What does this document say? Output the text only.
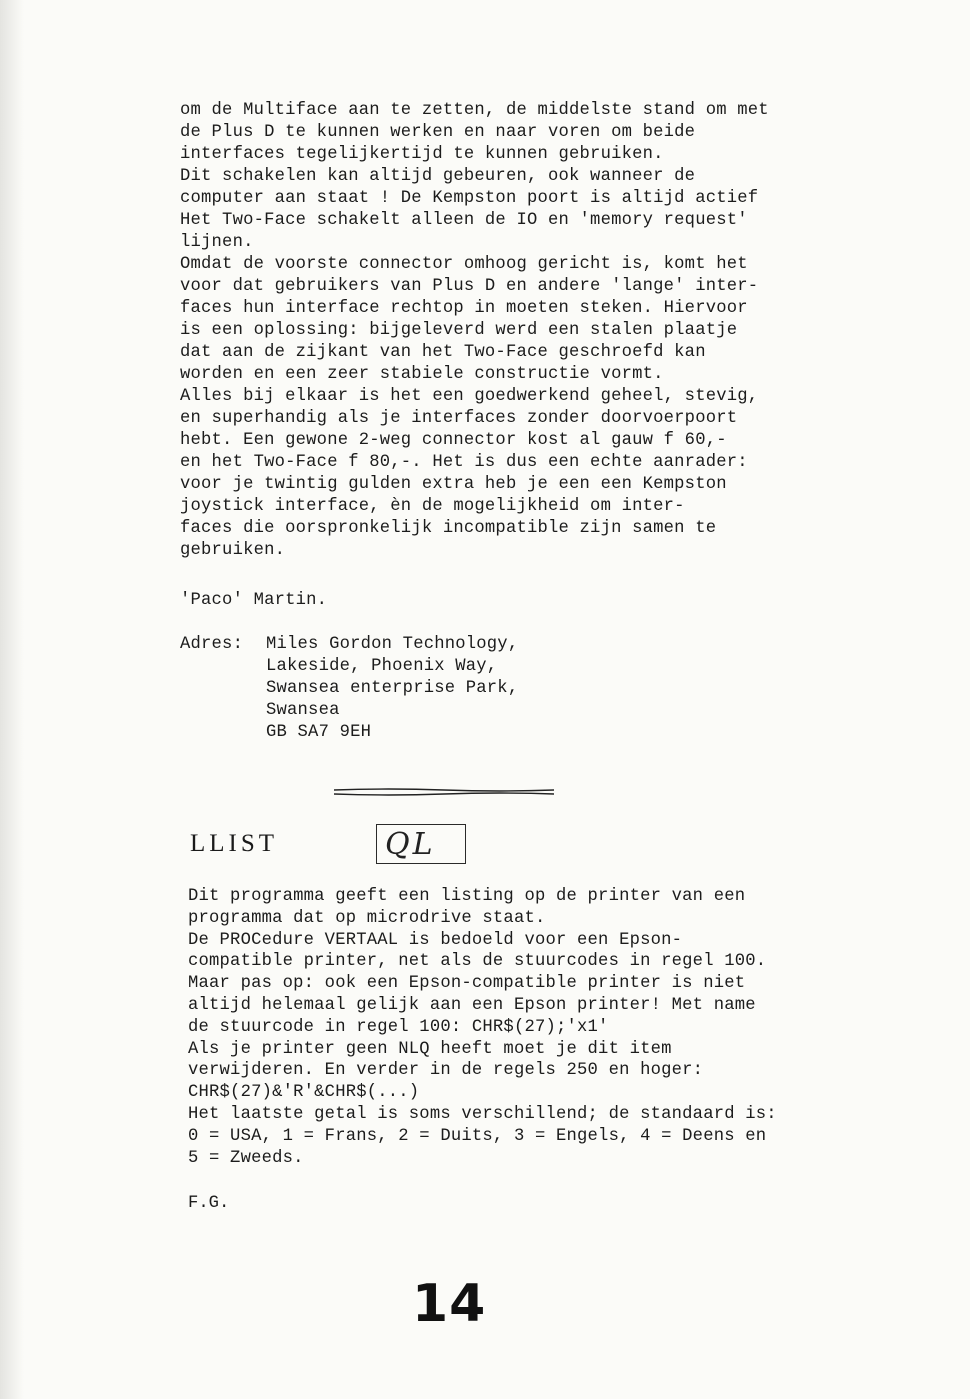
om de Multiface aan te zetten, de middelste stand om met
de Plus D te kunnen werken en naar voren om beide
interfaces tegelijkertijd te kunnen gebruiken.
Dit schakelen kan altijd gebeuren, ook wanneer de
computer aan staat ! De Kempston poort is altijd actief
Het Two-Face schakelt alleen de IO en 'memory request'
lijnen.
Omdat de voorste connector omhoog gericht is, komt het
voor dat gebruikers van Plus D en andere 'lange' inter-
faces hun interface rechtop in moeten steken. Hiervoor
is een oplossing: bijgeleverd werd een stalen plaatje
dat aan de zijkant van het Two-Face geschroefd kan
worden en een zeer stabiele constructie vormt.
Alles bij elkaar is het een goedwerkend geheel, stevig,
en superhandig als je interfaces zonder doorvoerpoort
hebt. Een gewone 2-weg connector kost al gauw f 60,-
en het Two-Face f 80,-. Het is dus een echte aanrader:
voor je twintig gulden extra heb je een een Kempston
joystick interface, èn de mogelijkheid om inter-
faces die oorspronkelijk incompatible zijn samen te
gebruiken.
'Paco' Martin.
Adres:	Miles Gordon Technology,
Lakeside, Phoenix Way,
Swansea enterprise Park,
Swansea
GB SA7 9EH
LLIST	QL
Dit programma geeft een listing op de printer van een
programma dat op microdrive staat.
De PROCedure VERTAAL is bedoeld voor een Epson-
compatible printer, net als de stuurcodes in regel 100.
Maar pas op: ook een Epson-compatible printer is niet
altijd helemaal gelijk aan een Epson printer! Met name
de stuurcode in regel 100: CHR$(27);'x1'
Als je printer geen NLQ heeft moet je dit item
verwijderen. En verder in de regels 250 en hoger:
CHR$(27)&'R'&CHR$(...)
Het laatste getal is soms verschillend; de standaard is:
0 = USA, 1 = Frans, 2 = Duits, 3 = Engels, 4 = Deens en
5 = Zweeds.
F.G.
14
